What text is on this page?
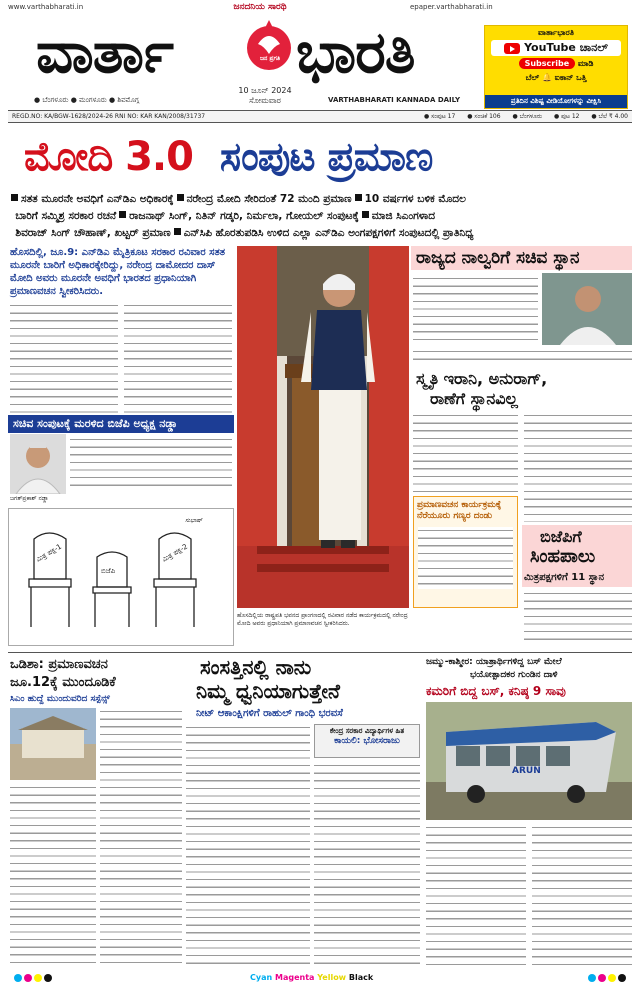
www.varthabharati.in	epaper.varthabharati.in
ಜನದನಿಯ ಸಾರಥಿ
ವಾರ್ತಾ	ಜನ ಪ್ರಗತಿ ಭಾರತಿ
10 ಜೂನ್ 2024
ಸೋಮವಾರ
● ಬೆಂಗಳೂರು ● ಮಂಗಳೂರು ● ಶಿವಮೊಗ್ಗ	VARTHABHARATI KANNADA DAILY
ವಾರ್ತಾಭಾರತಿ
YouTube ಚಾನಲ್
Subscribe ಮಾಡಿ
ಬೆಲ್ 🔔 ಐಕಾನ್ ಒತ್ತಿ
ಪ್ರತಿದಿನ ವಿಶಿಷ್ಟ ವೀಡಿಯೋಗಳನ್ನು ವೀಕ್ಷಿಸಿ
REGD.NO: KA/BGW-1628/2024-26 RNI NO: KAR KAN/2008/31737	● ಸಂಪುಟ 17 ● ಸಂಚಿಕೆ 106 ● ಬೆಂಗಳೂರು ● ಪುಟ 12 ● ಬೆಲೆ ₹ 4.00
ಮೋದಿ 3.0 ಸಂಪುಟ ಪ್ರಮಾಣ
ಸತತ ಮೂರನೇ ಅವಧಿಗೆ ಎನ್‌ಡಿಎ ಅಧಿಕಾರಕ್ಕೆ ನರೇಂದ್ರ ಮೋದಿ ಸೇರಿದಂತೆ 72 ಮಂದಿ ಪ್ರಮಾಣ 10 ವರ್ಷಗಳ ಬಳಿಕ ಮೊದಲ
ಬಾರಿಗೆ ಸಮ್ಮಿಶ್ರ ಸರಕಾರ ರಚನೆ ರಾಜನಾಥ್ ಸಿಂಗ್, ನಿತಿನ್ ಗಡ್ಕರಿ, ನಿರ್ಮಲಾ, ಗೋಯಲ್ ಸಂಪುಟಕ್ಕೆ ಮಾಜಿ ಸಿಎಂಗಳಾದ
ಶಿವರಾಜ್ ಸಿಂಗ್ ಚೌಹಾಣ್, ಖಟ್ಟರ್ ಪ್ರಮಾಣ ಎನ್‌ಸಿಪಿ ಹೊರತುಪಡಿಸಿ ಉಳಿದ ಎಲ್ಲಾ ಎನ್‌ಡಿಎ ಅಂಗಪಕ್ಷಗಳಿಗೆ ಸಂಪುಟದಲ್ಲಿ ಪ್ರಾತಿನಿಧ್ಯ
ಹೊಸದಿಲ್ಲಿ, ಜೂ.9: ಎನ್‌ಡಿಎ ಮೈತ್ರಿಕೂಟ ಸರಕಾರ ರವಿವಾರ ಸತತ ಮೂರನೇ ಬಾರಿಗೆ ಅಧಿಕಾರಕ್ಕೇರಿದ್ದು, ನರೇಂದ್ರ ದಾಮೋದರ ದಾಸ್ ಮೋದಿ ಅವರು ಮೂರನೇ ಅವಧಿಗೆ ಭಾರತದ ಪ್ರಧಾನಿಯಾಗಿ ಪ್ರಮಾಣವಚನ ಸ್ವೀಕರಿಸಿದರು.
ಸಚಿವ ಸಂಪುಟಕ್ಕೆ ಮರಳಿದ ಬಿಜೆಪಿ ಅಧ್ಯಕ್ಷ ನಡ್ಡಾ
ಜಗತ್‌ಪ್ರಕಾಶ್ ನಡ್ಡಾ
ಮಿತ್ರ ಪಕ್ಷ-1
ಬಿಜೆಪಿ
ಮಿತ್ರ ಪಕ್ಷ-2
ಸುಭಾಷ್
ರಾಜ್ಯದ ನಾಲ್ವರಿಗೆ ಸಚಿವ ಸ್ಥಾನ
ಸ್ಮೃತಿ ಇರಾನಿ, ಅನುರಾಗ್,
ರಾಣೆಗೆ ಸ್ಥಾನವಿಲ್ಲ
ಪ್ರಮಾಣವಚನ ಕಾರ್ಯಕ್ರಮಕ್ಕೆ ನೆರೆಯೂರು ಗಣ್ಯರ ದಂಡು
ಬಿಜೆಪಿಗೆ
ಸಿಂಹಪಾಲು
ಮಿತ್ರಪಕ್ಷಗಳಿಗೆ 11 ಸ್ಥಾನ
ಹೊಸದಿಲ್ಲಿಯ ರಾಷ್ಟ್ರಪತಿ ಭವನದ ಪ್ರಾಂಗಣದಲ್ಲಿ ರವಿವಾರ ನಡೆದ ಕಾರ್ಯಕ್ರಮದಲ್ಲಿ ನರೇಂದ್ರ ಮೋದಿ ಅವರು ಪ್ರಧಾನಿಯಾಗಿ ಪ್ರಮಾಣವಚನ ಸ್ವೀಕರಿಸಿದರು.
ಒಡಿಶಾ: ಪ್ರಮಾಣವಚನ
ಜೂ.12ಕ್ಕೆ ಮುಂದೂಡಿಕೆ
ಸಿಎಂ ಹುದ್ದೆ ಮುಂದುವರಿದ ಸಸ್ಪೆನ್ಸ್
ಸಂಸತ್ತಿನಲ್ಲಿ ನಾನು
ನಿಮ್ಮ ಧ್ವನಿಯಾಗುತ್ತೇನೆ
ನೀಟ್ ಆಕಾಂಕ್ಷಿಗಳಿಗೆ ರಾಹುಲ್ ಗಾಂಧಿ ಭರವಸೆ
ಕೇಂದ್ರ ಸರಕಾರ ವಿದ್ಯಾರ್ಥಿಗಳ ಹಿತ
ಕಾಯಲಿ: ಭೋಸರಾಜು
ಜಮ್ಮು-ಕಾಶ್ಮೀರ: ಯಾತ್ರಾರ್ಥಿಗಳಿದ್ದ ಬಸ್ ಮೇಲೆ
ಭಯೋತ್ಪಾದಕರ ಗುಂಡಿನ ದಾಳಿ
ಕಮರಿಗೆ ಬಿದ್ದ ಬಸ್, ಕನಿಷ್ಠ 9 ಸಾವು
ARUN
Cyan Magenta Yellow Black
